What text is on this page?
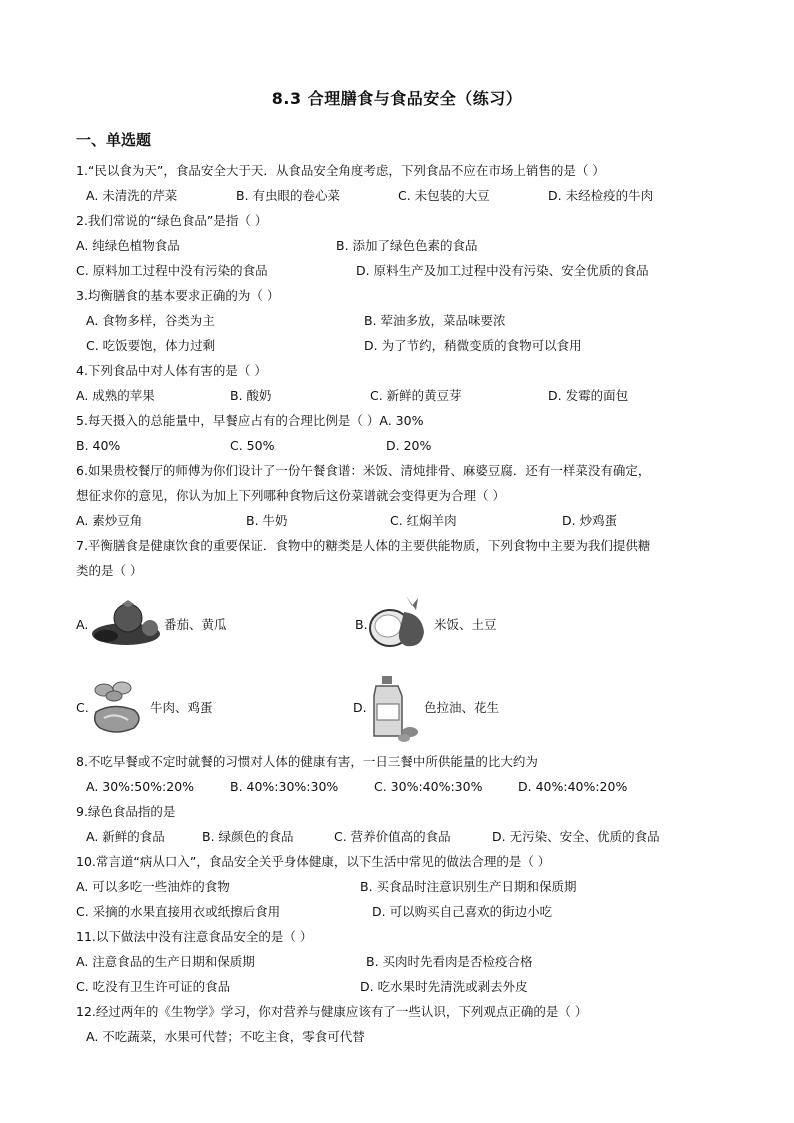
8.3 合理膳食与食品安全（练习）
一、单选题
1.“民以食为天”，食品安全大于天．从食品安全角度考虑，下列食品不应在市场上销售的是（ ）
A. 未清洗的芹菜	B. 有虫眼的卷心菜	C. 未包装的大豆	D. 未经检疫的牛肉
2.我们常说的“绿色食品”是指（ ）
A. 纯绿色植物食品	B. 添加了绿色色素的食品
C. 原料加工过程中没有污染的食品	D. 原料生产及加工过程中没有污染、安全优质的食品
3.均衡膳食的基本要求正确的为（ ）
A. 食物多样，谷类为主	B. 荤油多放，菜品味要浓
C. 吃饭要饱，体力过剩	D. 为了节约，稍微变质的食物可以食用
4.下列食品中对人体有害的是（ ）
A. 成熟的苹果	B. 酸奶	C. 新鲜的黄豆芽	D. 发霉的面包
5.每天摄入的总能量中，早餐应占有的合理比例是（ ）A. 30%
B. 40%	C. 50%	D. 20%
6.如果贵校餐厅的师傅为你们设计了一份午餐食谱：米饭、清炖排骨、麻婆豆腐．还有一样菜没有确定，
想征求你的意见，你认为加上下列哪种食物后这份菜谱就会变得更为合理（ ）
A. 素炒豆角	B. 牛奶	C. 红焖羊肉	D. 炒鸡蛋
7.平衡膳食是健康饮食的重要保证．食物中的糖类是人体的主要供能物质，下列食物中主要为我们提供糖
类的是（ ）
A.	番茄、黄瓜	B.	米饭、土豆
C.	牛肉、鸡蛋	D.	色拉油、花生
8.不吃早餐或不定时就餐的习惯对人体的健康有害，一日三餐中所供能量的比大约为
A. 30%:50%:20%	B. 40%:30%:30%	C. 30%:40%:30%	D. 40%:40%:20%
9.绿色食品指的是
A. 新鲜的食品	B. 绿颜色的食品	C. 营养价值高的食品	D. 无污染、安全、优质的食品
10.常言道“病从口入”，食品安全关乎身体健康，以下生活中常见的做法合理的是（ ）
A. 可以多吃一些油炸的食物	B. 买食品时注意识别生产日期和保质期
C. 采摘的水果直接用衣或纸擦后食用	D. 可以购买自己喜欢的街边小吃
11.以下做法中没有注意食品安全的是（ ）
A. 注意食品的生产日期和保质期	B. 买肉时先看肉是否检疫合格
C. 吃没有卫生许可证的食品	D. 吃水果时先清洗或剥去外皮
12.经过两年的《生物学》学习，你对营养与健康应该有了一些认识，下列观点正确的是（ ）
A. 不吃蔬菜，水果可代替；不吃主食，零食可代替
